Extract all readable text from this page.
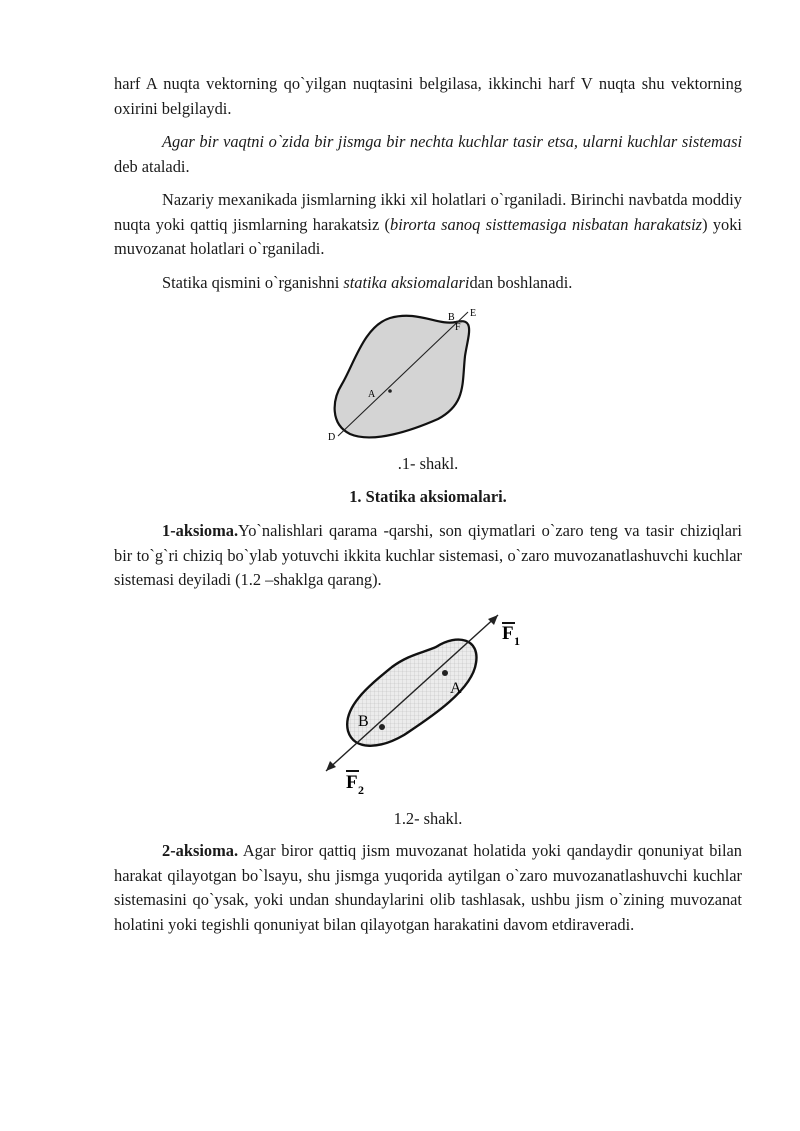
harf A nuqta vektorning qo`yilgan nuqtasini belgilasa, ikkinchi harf V nuqta shu vektorning oxirini belgilaydi.

Agar bir vaqtni o`zida bir jismga bir nechta kuchlar tasir etsa, ularni kuchlar sistemasi deb ataladi.

Nazariy mexanikada jismlarning ikki xil holatlari o`rganiladi. Birinchi navbatda moddiy nuqta yoki qattiq jismlarning harakatsiz (birorta sanoq sisttemasiga nisbatan harakatsiz) yoki muvozanat holatlari o`rganiladi.

Statika qismini o`rganishni statika aksiomalaridan boshlanadi.

B E
F
A
D
.1- shakl.
1. Statika aksiomalari.

1-aksioma.Yo`nalishlari qarama -qarshi, son qiymatlari o`zaro teng va tasir chiziqlari bir to`g`ri chiziq bo`ylab yotuvchi ikkita kuchlar sistemasi, o`zaro muvozanatlashuvchi kuchlar sistemasi deyiladi (1.2 –shaklga qarang).

A
B
F 1
F 2
1.2- shakl.

2-aksioma. Agar biror qattiq jism muvozanat holatida yoki qandaydir qonuniyat bilan harakat qilayotgan bo`lsayu, shu jismga yuqorida aytilgan o`zaro muvozanatlashuvchi kuchlar sistemasini qo`ysak, yoki undan shundaylarini olib tashlasak, ushbu jism o`zining muvozanat holatini yoki tegishli qonuniyat bilan qilayotgan harakatini davom etdiraveradi.
